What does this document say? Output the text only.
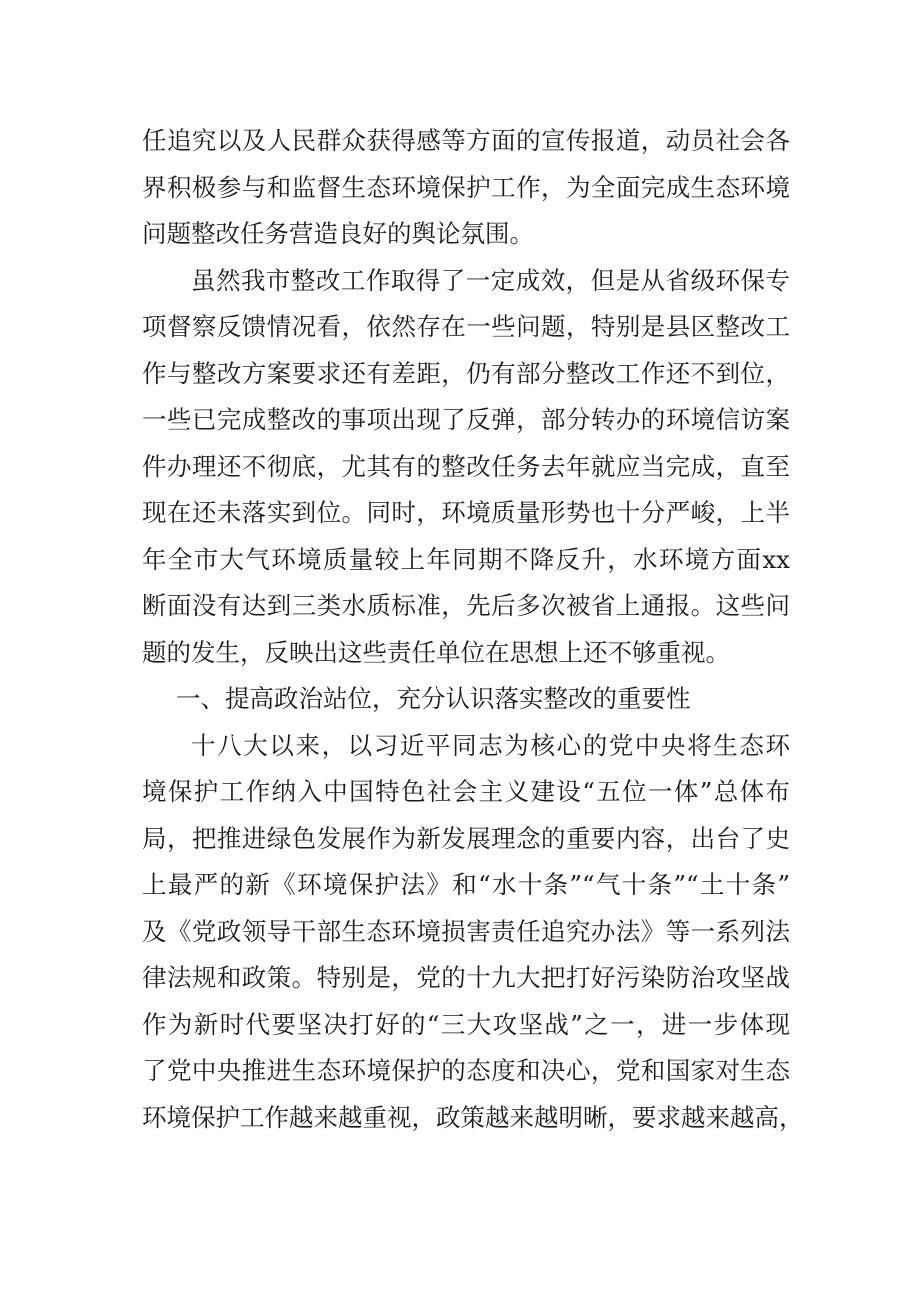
任追究以及人民群众获得感等方面的宣传报道，动员社会各
界积极参与和监督生态环境保护工作，为全面完成生态环境
问题整改任务营造良好的舆论氛围。
虽然我市整改工作取得了一定成效，但是从省级环保专
项督察反馈情况看，依然存在一些问题，特别是县区整改工
作与整改方案要求还有差距，仍有部分整改工作还不到位，
一些已完成整改的事项出现了反弹，部分转办的环境信访案
件办理还不彻底，尤其有的整改任务去年就应当完成，直至
现在还未落实到位。同时，环境质量形势也十分严峻，上半
年全市大气环境质量较上年同期不降反升，水环境方面xx
断面没有达到三类水质标准，先后多次被省上通报。这些问
题的发生，反映出这些责任单位在思想上还不够重视。
一、提高政治站位，充分认识落实整改的重要性
十八大以来，以习近平同志为核心的党中央将生态环
境保护工作纳入中国特色社会主义建设“五位一体”总体布
局，把推进绿色发展作为新发展理念的重要内容，出台了史
上最严的新《环境保护法》和“水十条”“气十条”“土十条”
及《党政领导干部生态环境损害责任追究办法》等一系列法
律法规和政策。特别是，党的十九大把打好污染防治攻坚战
作为新时代要坚决打好的“三大攻坚战”之一，进一步体现
了党中央推进生态环境保护的态度和决心，党和国家对生态
环境保护工作越来越重视，政策越来越明晰，要求越来越高，
